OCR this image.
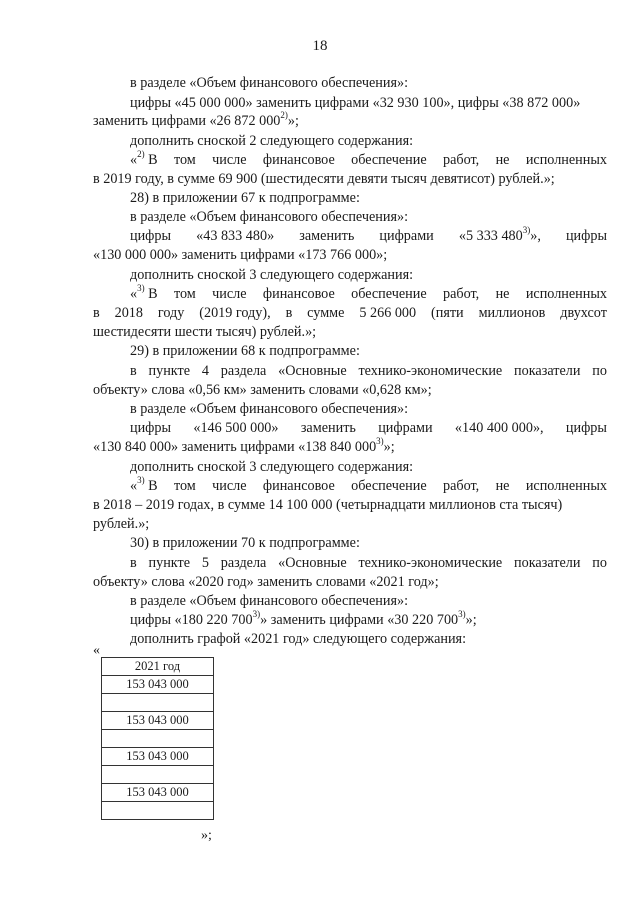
18
в разделе «Объем финансового обеспечения»:
цифры «45 000 000» заменить цифрами «32 930 100», цифры «38 872 000»
заменить цифрами «26 872 000$^{2)}$»;
дополнить сноской 2 следующего содержания:
«$^{2)}$ В том числе финансовое обеспечение работ, не исполненных
в 2019 году, в сумме 69 900 (шестидесяти девяти тысяч девятисот) рублей.»;
28) в приложении 67 к подпрограмме:
в разделе «Объем финансового обеспечения»:
цифры «43 833 480» заменить цифрами «5 333 480$^{3)}$», цифры
«130 000 000» заменить цифрами «173 766 000»;
дополнить сноской 3 следующего содержания:
«$^{3)}$ В том числе финансовое обеспечение работ, не исполненных
в 2018 году (2019 году), в сумме 5 266 000 (пяти миллионов двухсот
шестидесяти шести тысяч) рублей.»;
29) в приложении 68 к подпрограмме:
в пункте 4 раздела «Основные технико-экономические показатели по
объекту» слова «0,56 км» заменить словами «0,628 км»;
в разделе «Объем финансового обеспечения»:
цифры «146 500 000» заменить цифрами «140 400 000», цифры
«130 840 000» заменить цифрами «138 840 000$^{3)}$»;
дополнить сноской 3 следующего содержания:
«$^{3)}$ В том числе финансовое обеспечение работ, не исполненных
в 2018 – 2019 годах, в сумме 14 100 000 (четырнадцати миллионов ста тысяч)
рублей.»;
30) в приложении 70 к подпрограмме:
в пункте 5 раздела «Основные технико-экономические показатели по
объекту» слова «2020 год» заменить словами «2021 год»;
в разделе «Объем финансового обеспечения»:
цифры «180 220 700$^{3)}$» заменить цифрами «30 220 700$^{3)}$»;
дополнить графой «2021 год» следующего содержания:
«
2021 год
153 043 000

153 043 000

153 043 000

153 043 000

»;
